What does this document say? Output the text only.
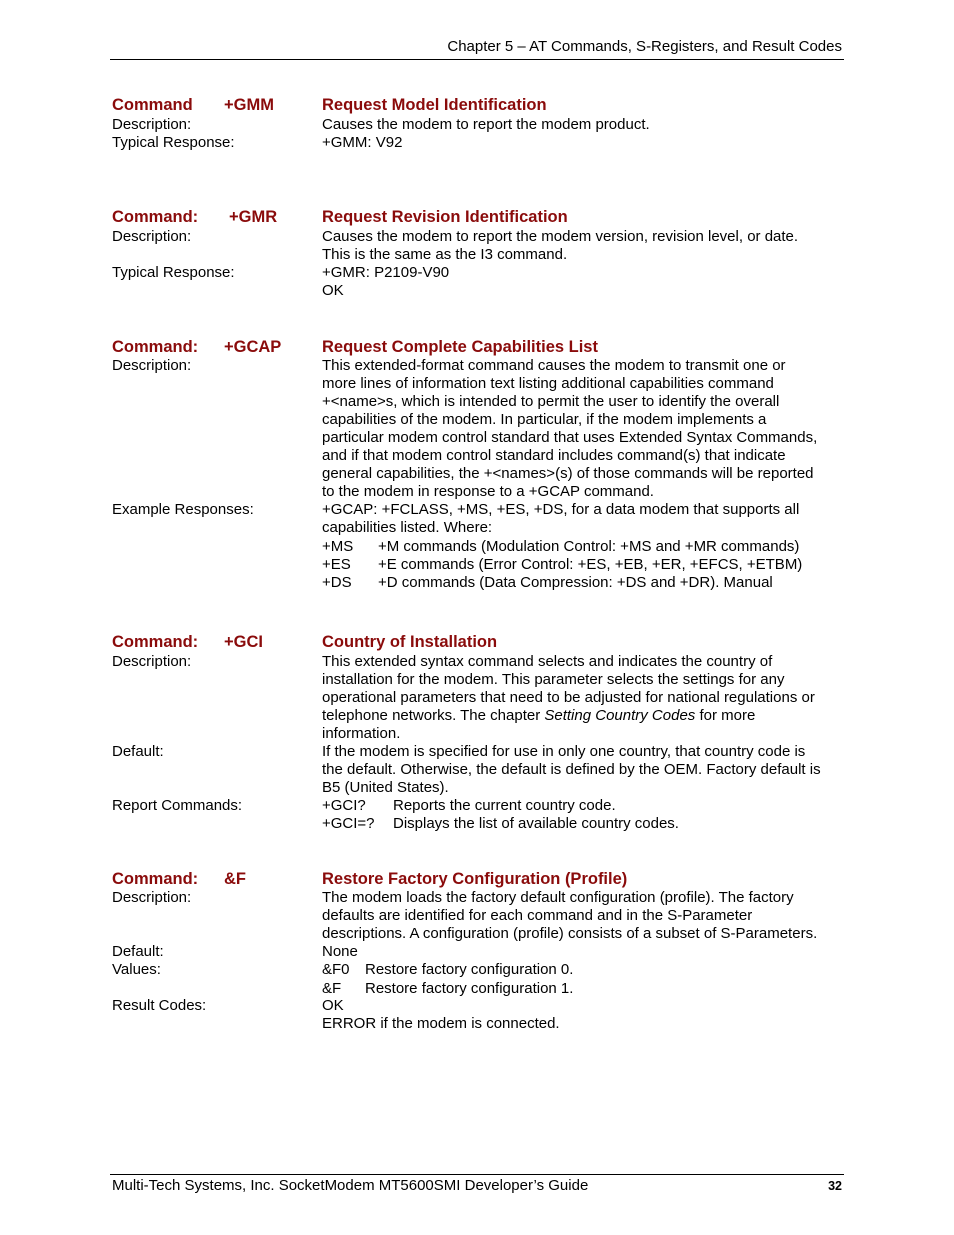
Chapter 5 – AT Commands, S-Registers, and Result Codes
Command +GMM	Request Model Identification
Description:	Causes the modem to report the modem product.
Typical Response:	+GMM: V92
Command: +GMR	Request Revision Identification
Description:	Causes the modem to report the modem version, revision level, or date.
This is the same as the I3 command.
Typical Response:	+GMR: P2109-V90
OK
Command: +GCAP Request Complete Capabilities List
Description:	This extended-format command causes the modem to transmit one or
more lines of information text listing additional capabilities command
+<name>s, which is intended to permit the user to identify the overall
capabilities of the modem. In particular, if the modem implements a
particular modem control standard that uses Extended Syntax Commands,
and if that modem control standard includes command(s) that indicate
general capabilities, the +<names>(s) of those commands will be reported
to the modem in response to a +GCAP command.
Example Responses:	+GCAP: +FCLASS, +MS, +ES, +DS, for a data modem that supports all
capabilities listed. Where:
+MS +M commands (Modulation Control: +MS and +MR commands)
+ES +E commands (Error Control: +ES, +EB, +ER, +EFCS, +ETBM)
+DS +D commands (Data Compression: +DS and +DR). Manual
Command: +GCI	Country of Installation
Description:	This extended syntax command selects and indicates the country of
installation for the modem. This parameter selects the settings for any
operational parameters that need to be adjusted for national regulations or
telephone networks. The chapter Setting Country Codes for more
information.
Default:	If the modem is specified for use in only one country, that country code is
the default. Otherwise, the default is defined by the OEM. Factory default is
B5 (United States).
Report Commands:	+GCI? Reports the current country code.
+GCI=? Displays the list of available country codes.
Command: &F	Restore Factory Configuration (Profile)
Description:	The modem loads the factory default configuration (profile). The factory
defaults are identified for each command and in the S-Parameter
descriptions. A configuration (profile) consists of a subset of S-Parameters.
Default:	None
Values:	&F0 Restore factory configuration 0.
&F Restore factory configuration 1.
Result Codes:	OK
ERROR if the modem is connected.
Multi-Tech Systems, Inc. SocketModem MT5600SMI Developer’s Guide	32
